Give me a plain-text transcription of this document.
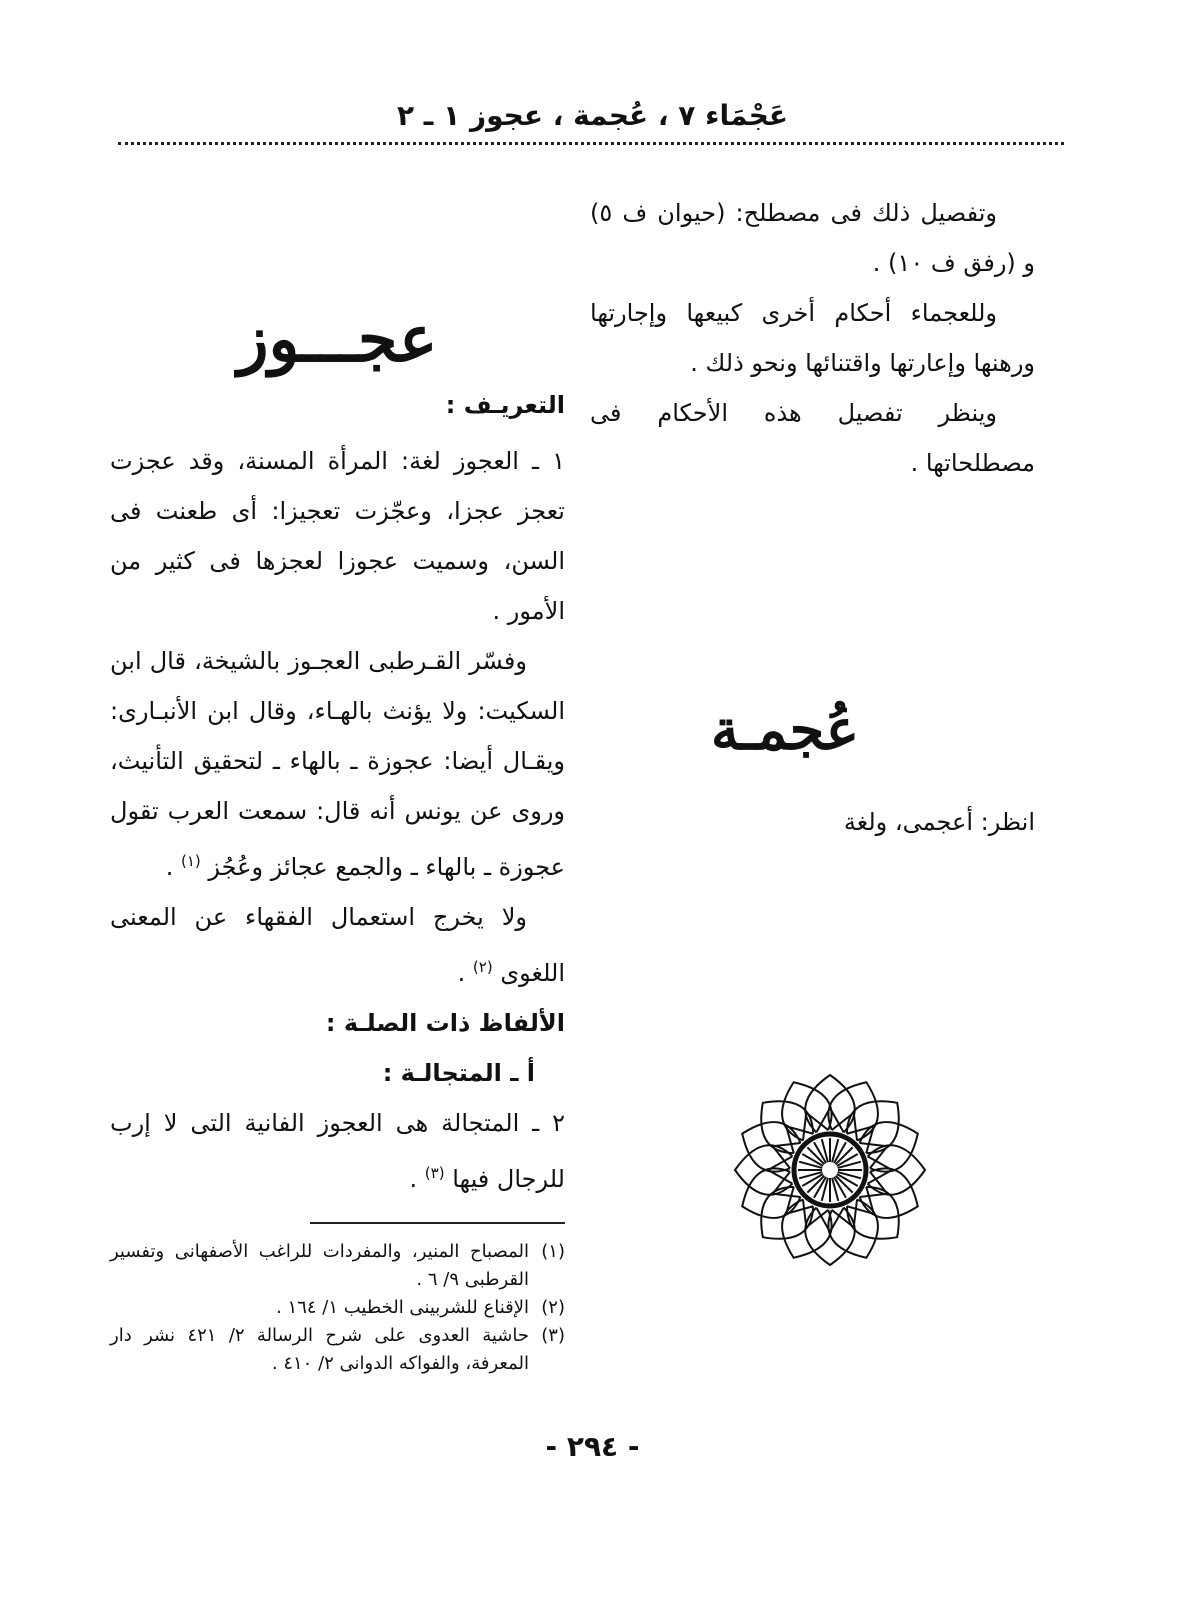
عَجْمَاء ٧ ، عُجمة ، عجوز ١ ـ ٢

وتفصيل ذلك فى مصطلح: (حيوان ف ٥) و (رفق ف ١٠) .

وللعجماء أحكام أخرى كبيعها وإجارتها ورهنها وإعارتها واقتنائها ونحو ذلك .

وينظر تفصيل هذه الأحكام فى مصطلحاتها .

عُجمـة
انظر: أعجمى، ولغة
عجـــوز

التعريـف :

١ ـ العجوز لغة: المرأة المسنة، وقد عجزت تعجز عجزا، وعجّزت تعجيزا: أى طعنت فى السن، وسميت عجوزا لعجزها فى كثير من الأمور .

وفسّر القـرطبى العجـوز بالشيخة، قال ابن السكيت: ولا يؤنث بالهـاء، وقال ابن الأنبـارى: ويقـال أيضا: عجوزة ـ بالهاء ـ لتحقيق التأنيث، وروى عن يونس أنه قال: سمعت العرب تقول عجوزة ـ بالهاء ـ والجمع عجائز وعُجُز $^{(١)}$ .

ولا يخرج استعمال الفقهاء عن المعنى اللغوى $^{(٢)}$ .

الألفاظ ذات الصلـة :

أ ـ المتجالـة :

٢ ـ المتجالة هى العجوز الفانية التى لا إرب للرجال فيها $^{(٣)}$ .

(١)
المصباح المنير، والمفردات للراغب الأصفهانى وتفسير القرطبى ٩/ ٦ .
(٢)
الإقناع للشربينى الخطيب ١/ ١٦٤ .
(٣)
حاشية العدوى على شرح الرسالة ٢/ ٤٢١ نشر دار المعرفة، والفواكه الدوانى ٢/ ٤١٠ .
- ٢٩٤ -
